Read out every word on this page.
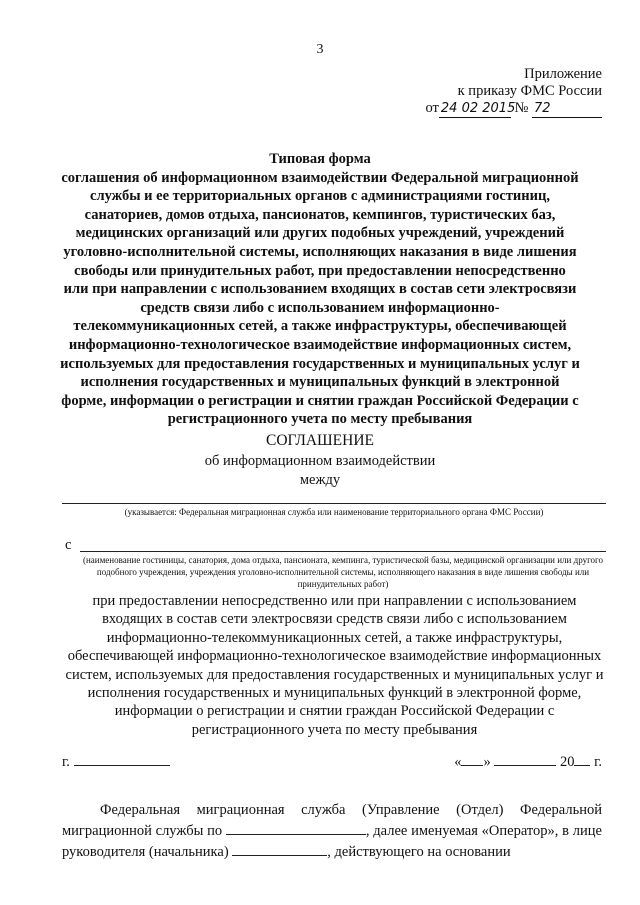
3
Приложение
к приказу ФМС России
от 24 02 2015 № 72

Типовая форма

соглашения об информационном взаимодействии Федеральной миграционной службы и ее территориальных органов с администрациями гостиниц, санаториев, домов отдыха, пансионатов, кемпингов, туристических баз, медицинских организаций или других подобных учреждений, учреждений уголовно-исполнительной системы, исполняющих наказания в виде лишения свободы или принудительных работ, при предоставлении непосредственно или при направлении с использованием входящих в состав сети электросвязи средств связи либо с использованием информационно-телекоммуникационных сетей, а также инфраструктуры, обеспечивающей информационно-технологическое взаимодействие информационных систем, используемых для предоставления государственных и муниципальных услуг и исполнения государственных и муниципальных функций в электронной форме, информации о регистрации и снятии граждан Российской Федерации с регистрационного учета по месту пребывания

СОГЛАШЕНИЕ
об информационном взаимодействии
между
(указывается: Федеральная миграционная служба или наименование территориального органа ФМС России)
с
(наименование гостиницы, санатория, дома отдыха, пансионата, кемпинга, туристической базы, медицинской организации или другого подобного учреждения, учреждения уголовно-исполнительной системы, исполняющего наказания в виде лишения свободы или принудительных работ)

при предоставлении непосредственно или при направлении с использованием входящих в состав сети электросвязи средств связи либо с использованием информационно-телекоммуникационных сетей, а также инфраструктуры, обеспечивающей информационно-технологическое взаимодействие информационных систем, используемых для предоставления государственных и муниципальных услуг и исполнения государственных и муниципальных функций в электронной форме, информации о регистрации и снятии граждан Российской Федерации с регистрационного учета по месту пребывания

г.	« »	20 г.

Федеральная миграционная служба (Управление (Отдел) Федеральной миграционной службы по	, далее именуемая «Оператор», в лице руководителя (начальника)	, действующего на основании
